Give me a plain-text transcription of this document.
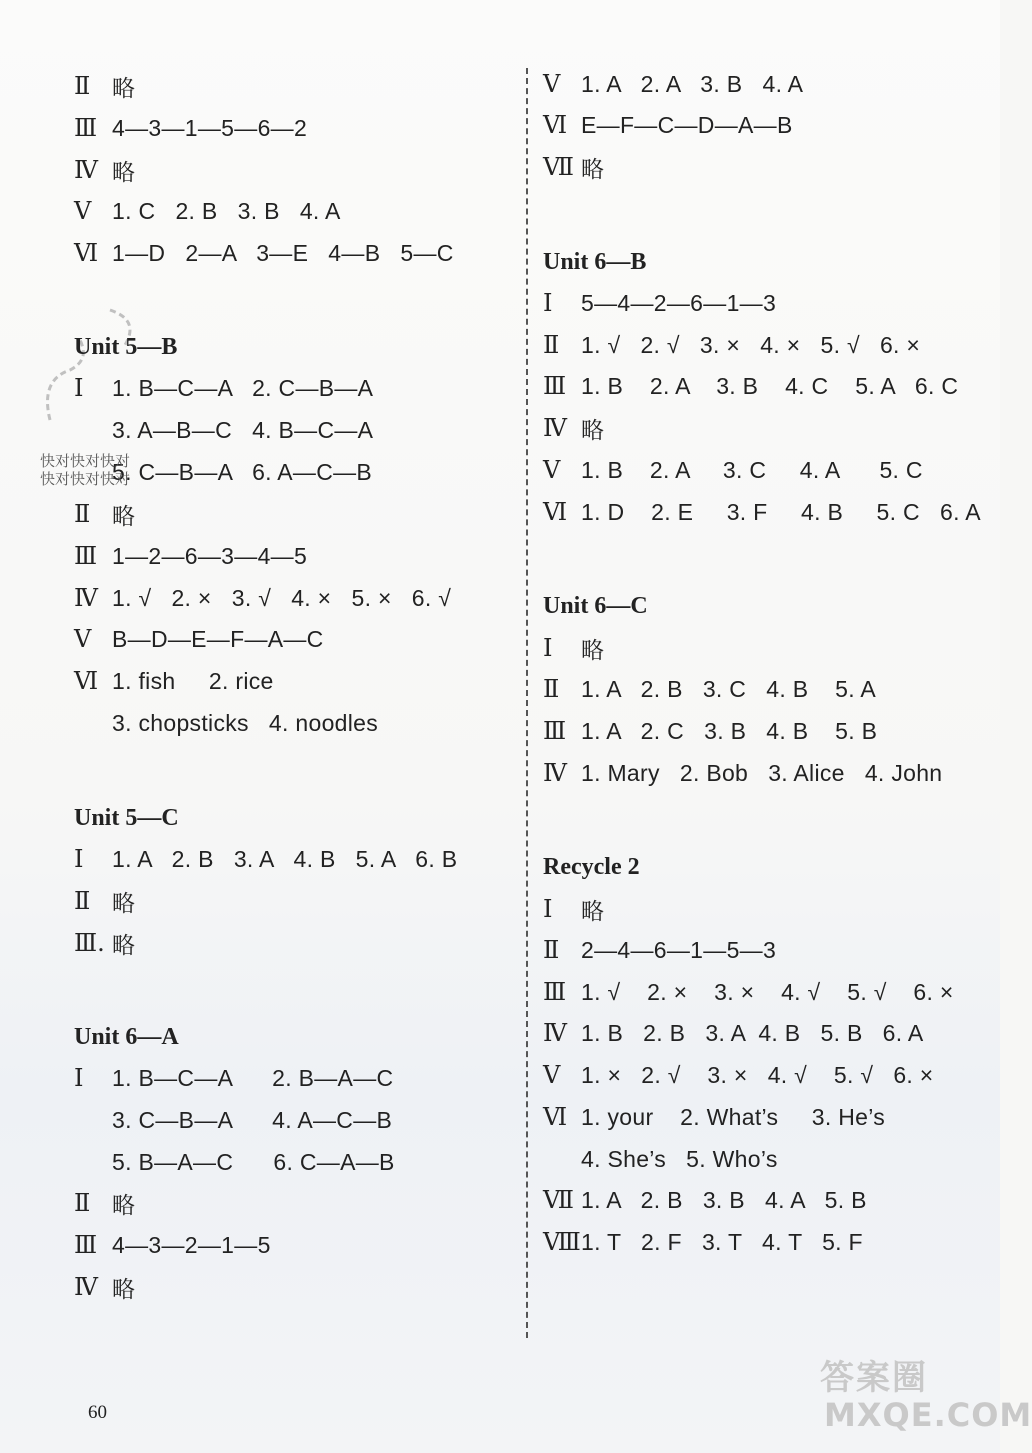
Ⅱ 略
Ⅲ 4—3—1—5—6—2
Ⅳ 略
Ⅴ 1. C   2. B   3. B   4. A
Ⅵ 1—D   2—A   3—E   4—B   5—C
Unit 5—B
Ⅰ	1. B—C—A   2. C—B—A
3. A—B—C   4. B—C—A
5. C—B—A   6. A—C—B
Ⅱ 略
Ⅲ 1—2—6—3—4—5
Ⅳ 1. √   2. ×   3. √   4. ×   5. ×   6. √
Ⅴ B—D—E—F—A—C
Ⅵ 1. fish     2. rice
3. chopsticks   4. noodles
Unit 5—C
Ⅰ	1. A   2. B   3. A   4. B   5. A   6. B
Ⅱ 略
Ⅲ. 略
Unit 6—A
Ⅰ	1. B—C—A      2. B—A—C
3. C—B—A      4. A—C—B
5. B—A—C      6. C—A—B
Ⅱ 略
Ⅲ 4—3—2—1—5
Ⅳ 略
Ⅴ 1. A   2. A   3. B   4. A
Ⅵ E—F—C—D—A—B
Ⅶ 略
Unit 6—B
Ⅰ	5—4—2—6—1—3
Ⅱ 1. √   2. √   3. ×   4. ×   5. √   6. ×
Ⅲ 1. B    2. A    3. B    4. C    5. A   6. C
Ⅳ 略
Ⅴ 1. B    2. A     3. C     4. A      5. C
Ⅵ 1. D    2. E     3. F     4. B     5. C   6. A
Unit 6—C
Ⅰ	略
Ⅱ 1. A   2. B   3. C   4. B    5. A
Ⅲ 1. A   2. C   3. B   4. B    5. B
Ⅳ 1. Mary   2. Bob   3. Alice   4. John
Recycle 2
Ⅰ	略
Ⅱ 2—4—6—1—5—3
Ⅲ 1. √    2. ×    3. ×    4. √    5. √    6. ×
Ⅳ 1. B   2. B   3. A  4. B   5. B   6. A
Ⅴ 1. ×   2. √    3. ×   4. √    5. √   6. ×
Ⅵ 1. your    2. What’s     3. He’s
4. She’s   5. Who’s
Ⅶ 1. A   2. B   3. B   4. A   5. B
Ⅷ 1. T   2. F   3. T   4. T   5. F
快对快对快对
快对快对快对
60
答案圈
MXQE.COM
